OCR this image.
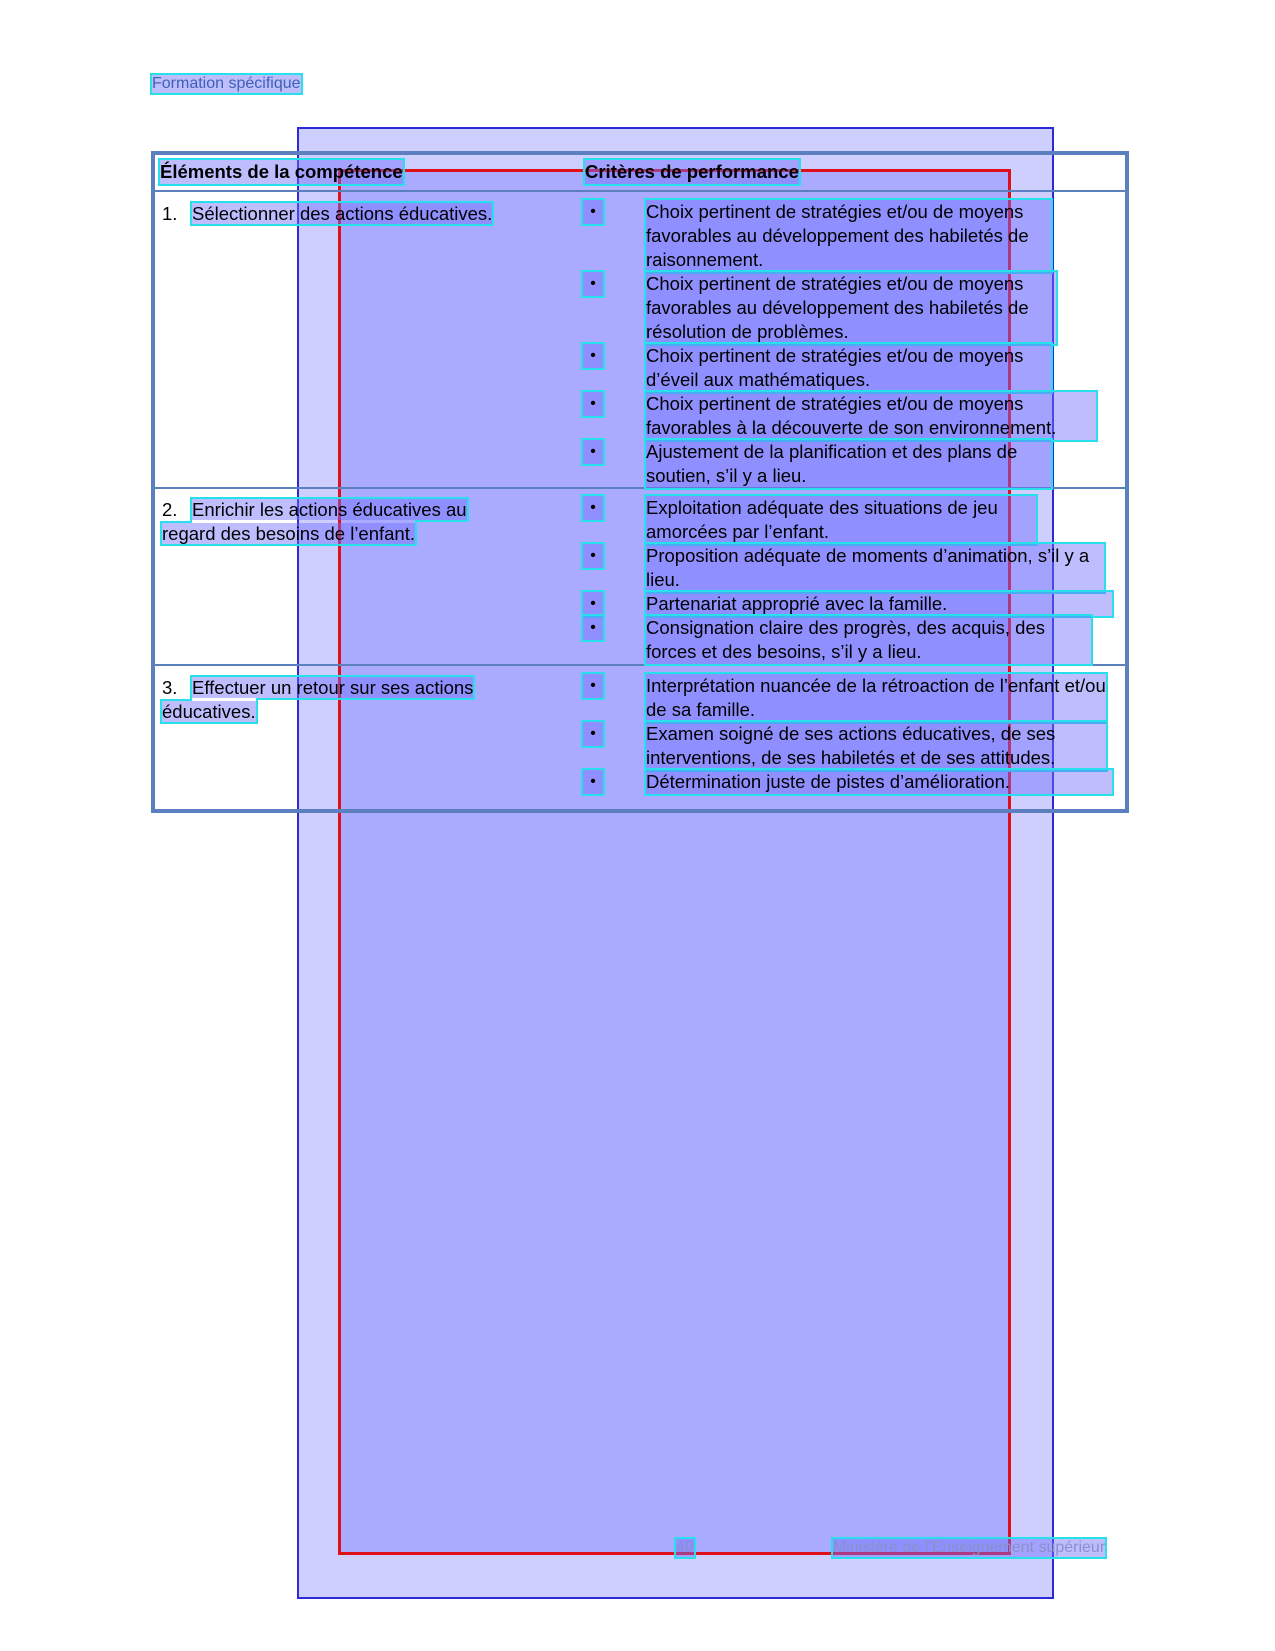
Formation spécifique
Éléments de la compétence	Critères de performance
1. Sélectionner des actions éducatives.	•	Choix pertinent de stratégies et/ou de moyens favorables au développement des habiletés de raisonnement.
•	Choix pertinent de stratégies et/ou de moyens favorables au développement des habiletés de résolution de problèmes.
•	Choix pertinent de stratégies et/ou de moyens d’éveil aux mathématiques.
•	Choix pertinent de stratégies et/ou de moyens favorables à la découverte de son environnement.
•	Ajustement de la planification et des plans de soutien, s’il y a lieu.
2. Enrichir les actions éducatives au regard des besoins de l’enfant.
•	Exploitation adéquate des situations de jeu amorcées par l’enfant.
•	Proposition adéquate de moments d’animation, s’il y a lieu.
•	Partenariat approprié avec la famille.
•	Consignation claire des progrès, des acquis, des forces et des besoins, s’il y a lieu.
3. Effectuer un retour sur ses actions éducatives.
•	Interprétation nuancée de la rétroaction de l’enfant et/ou de sa famille.
•	Examen soigné de ses actions éducatives, de ses interventions, de ses habiletés et de ses attitudes.
•	Détermination juste de pistes d’amélioration.
49	Ministère de l’Enseignement supérieur
